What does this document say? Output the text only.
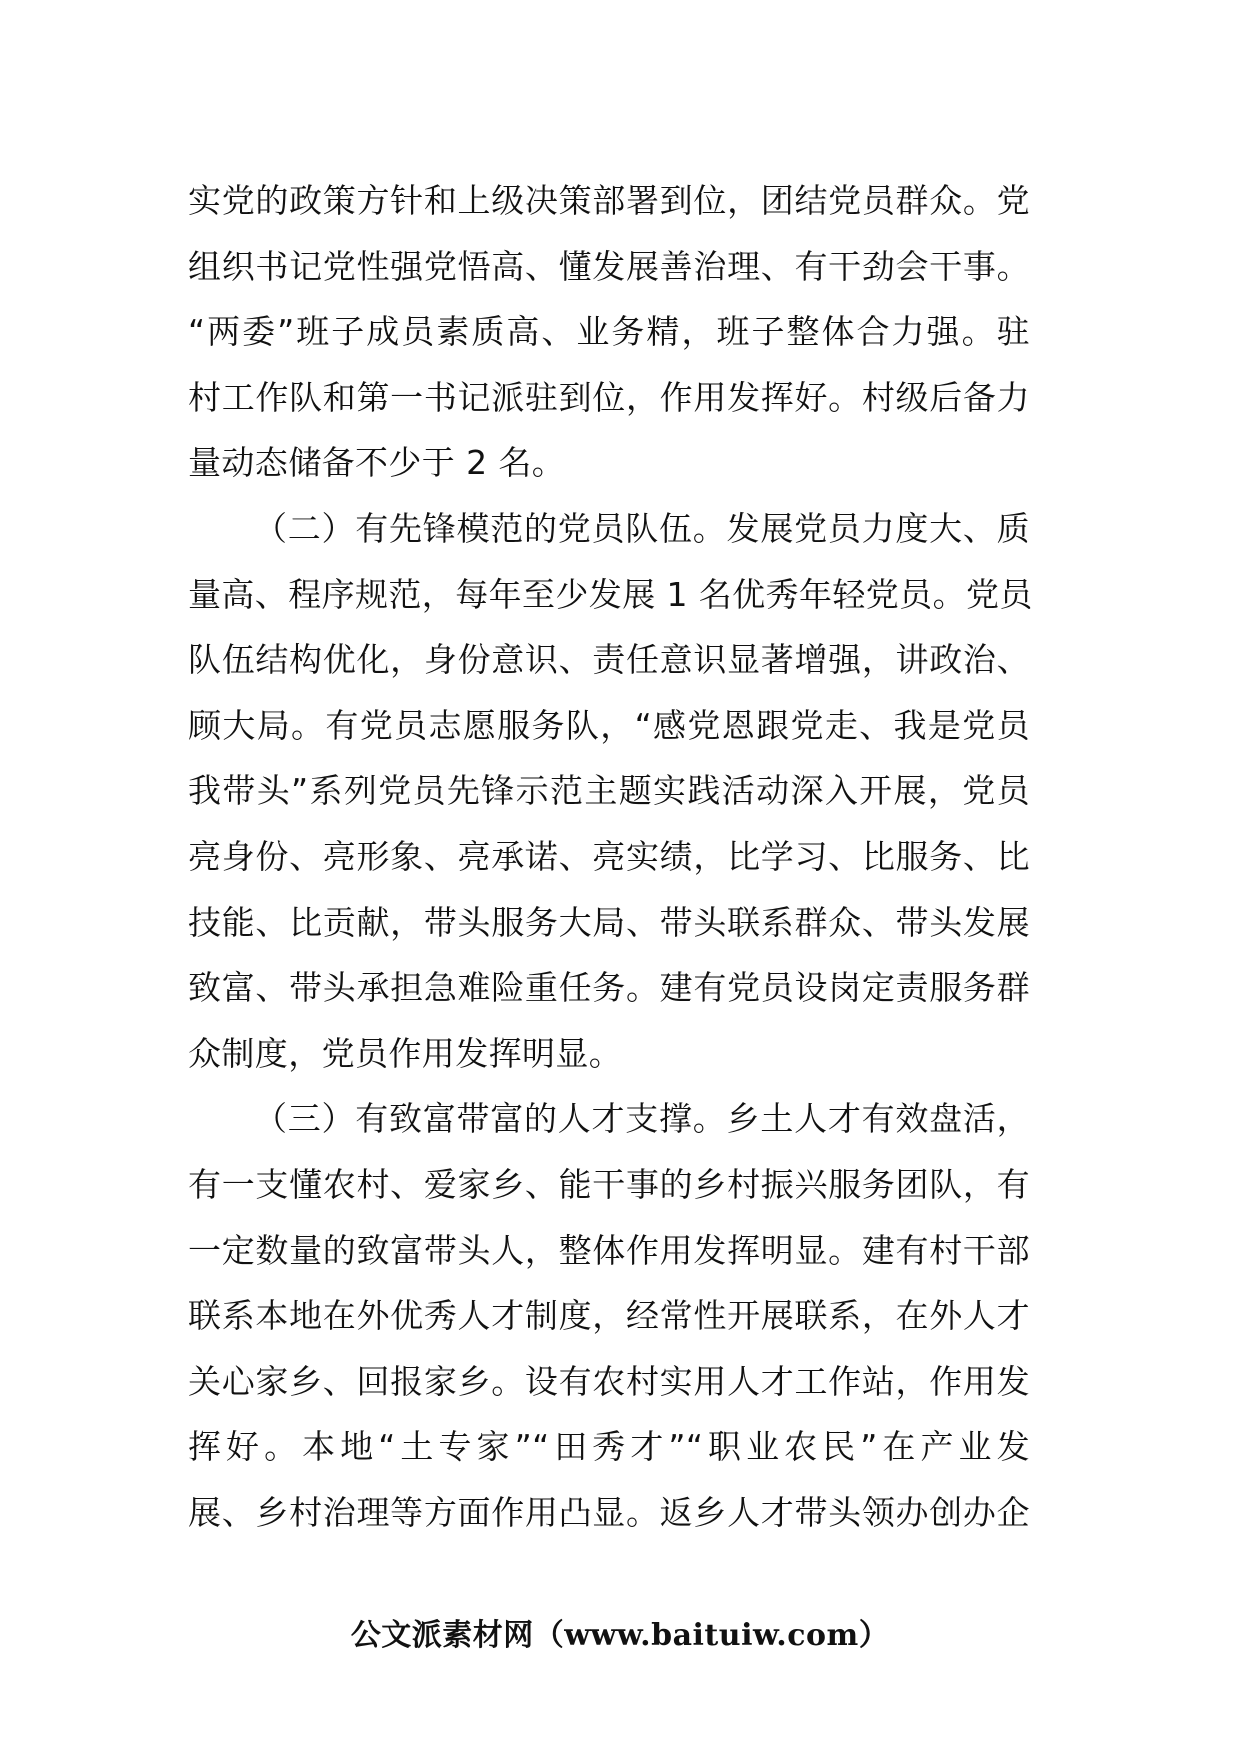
实党的政策方针和上级决策部署到位，团结党员群众。党
组织书记党性强党悟高、懂发展善治理、有干劲会干事。
“两委”班子成员素质高、业务精，班子整体合力强。驻
村工作队和第一书记派驻到位，作用发挥好。村级后备力
量动态储备不少于 2 名。
（二）有先锋模范的党员队伍。发展党员力度大、质
量高、程序规范，每年至少发展 1 名优秀年轻党员。党员
队伍结构优化，身份意识、责任意识显著增强，讲政治、
顾大局。有党员志愿服务队，“感党恩跟党走、我是党员
我带头”系列党员先锋示范主题实践活动深入开展，党员
亮身份、亮形象、亮承诺、亮实绩，比学习、比服务、比
技能、比贡献，带头服务大局、带头联系群众、带头发展
致富、带头承担急难险重任务。建有党员设岗定责服务群
众制度，党员作用发挥明显。
（三）有致富带富的人才支撑。乡土人才有效盘活，
有一支懂农村、爱家乡、能干事的乡村振兴服务团队，有
一定数量的致富带头人，整体作用发挥明显。建有村干部
联系本地在外优秀人才制度，经常性开展联系，在外人才
关心家乡、回报家乡。设有农村实用人才工作站，作用发
挥好。本地“土专家”“田秀才”“职业农民”在产业发
展、乡村治理等方面作用凸显。返乡人才带头领办创办企
公文派素材网（www.baituiw.com）
